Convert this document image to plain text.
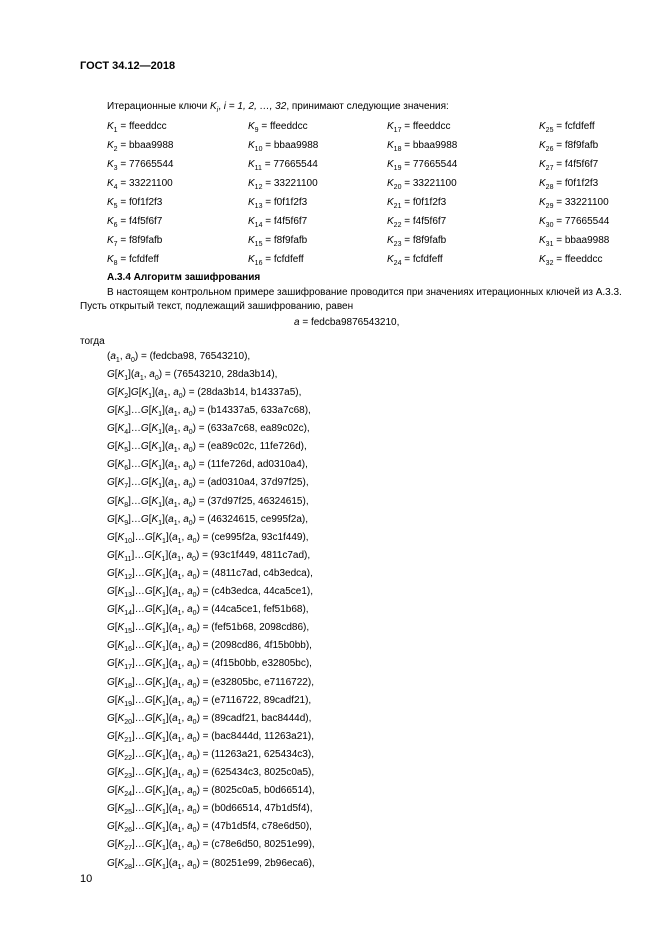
ГОСТ 34.12—2018
Итерационные ключи $K_i$, i = 1, 2, …, 32, принимают следующие значения:
$K_1$ = ffeeddcc	$K_9$ = ffeeddcc	$K_{17}$ = ffeeddcc	$K_{25}$ = fcfdfeff
$K_2$ = bbaa9988	$K_{10}$ = bbaa9988	$K_{18}$ = bbaa9988	$K_{26}$ = f8f9fafb
$K_3 = 77665544$	$K_{11} = 77665544$	$K_{19} = 77665544$	$K_{27} = f4f5f6f7$
$K_4 = 33221100$	$K_{12} = 33221100$	$K_{20} = 33221100$	$K_{28} = f0f1f2f3$
$K_5 = f0f1f2f3$	$K_{13} = f0f1f2f3$	$K_{21} = f0f1f2f3$	$K_{29} = 33221100$
$K_6 = f4f5f6f7$	$K_{14} = f4f5f6f7$	$K_{22} = f4f5f6f7$	$K_{30} = 77665544$
$K_7$ = f8f9fafb	$K_{15}$ = f8f9fafb	$K_{23}$ = f8f9fafb	$K_{31}$ = bbaa9988
$K_8$ = fcfdfeff	$K_{16}$ = fcfdfeff	$K_{24}$ = fcfdfeff	$K_{32}$ = ffeeddcc
A.3.4 Алгоритм зашифрования
В настоящем контрольном примере зашифрование проводится при значениях итерационных ключей из А.3.3.
Пусть открытый текст, подлежащий зашифрованию, равен
a = fedcba9876543210,
тогда
($a_1$, $a_0$) = (fedcba98, 76543210),
$G[K_1](a_1$, $a_0) = (76543210$, 28da3b14),
$G[K_2]G[K_1](a_1$, $a_0) = (28da3b14$, b14337a5),
$G[K_3]\dots G[K_1](a_1$, $a_0) = (b14337a5$, 633a7c68),
$G[K_4]\dots G[K_1](a_1$, $a_0) = (633a7c68$, ea89c02c),
$G[K_5]\dots G[K_1](a_1$, $a_0) = (ea89c02c$, 11fe726d),
$G[K_6]\dots G[K_1](a_1$, $a_0) = (11fe726d$, ad0310a4),
$G[K_7]\dots G[K_1](a_1$, $a_0) = (ad0310a4$, 37d97f25),
$G[K_8]\dots G[K_1](a_1$, $a_0) = (37d97f25$, 46324615),
$G[K_9]\dots G[K_1](a_1$, $a_0) = (46324615$, ce995f2a),
$G[K_{10}]\dots G[K_1](a_1$, $a_0) = (ce995f2a$, 93c1f449),
$G[K_{11}]\dots G[K_1](a_1$, $a_0) = (93c1f449$, 4811c7ad),
$G[K_{12}]\dots G[K_1](a_1$, $a_0) = (4811c7ad$, c4b3edca),
$G[K_{13}]\dots G[K_1](a_1$, $a_0$) = (c4b3edca, 44ca5ce1),
$G[K_{14}]\dots G[K_1](a_1$, $a_0) = (44ca5ce1$, fef51b68),
$G[K_{15}]\dots G[K_1](a_1$, $a_0) = (fef51b68$, 2098cd86),
$G[K_{16}]\dots G[K_1](a_1$, $a_0) = (2098cd86$, 4f15b0bb),
$G[K_{17}]\dots G[K_1](a_1$, $a_0) = (4f15b0bb$, e32805bc),
$G[K_{18}]\dots G[K_1](a_1$, $a_0) = (e32805bc$, e7116722),
$G[K_{19}]\dots G[K_1](a_1$, $a_0) = (e7116722$, 89cadf21),
$G[K_{20}]\dots G[K_1](a_1$, $a_0$) = (89cadf21, bac8444d),
$G[K_{21}]\dots G[K_1](a_1$, $a_0) = (bac8444d$, 11263a21),
$G[K_{22}]\dots G[K_1](a_1$, $a_0) = (11263a21$, 625434c3),
$G[K_{23}]\dots G[K_1](a_1$, $a_0) = (625434c3$, 8025c0a5),
$G[K_{24}]\dots G[K_1](a_1$, $a_0) = (8025c0a5$, b0d66514),
$G[K_{25}]\dots G[K_1](a_1$, $a_0) = (b0d66514$, 47b1d5f4),
$G[K_{26}]\dots G[K_1](a_1$, $a_0) = (47b1d5f4$, c78e6d50),
$G[K_{27}]\dots G[K_1](a_1$, $a_0) = (c78e6d50$, 80251e99),
$G[K_{28}]\dots G[K_1](a_1$, $a_0) = (80251e99$, 2b96eca6),
10
